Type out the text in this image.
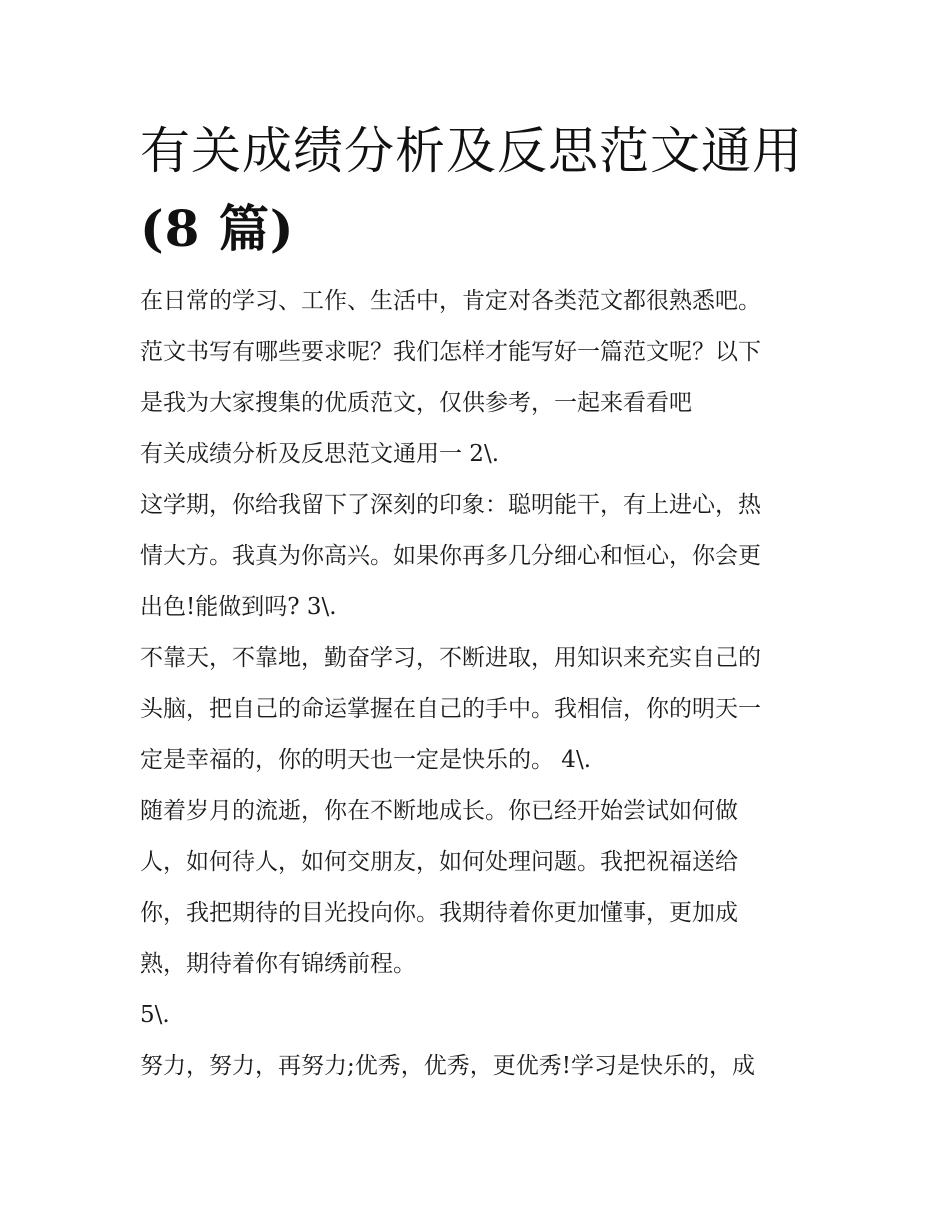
有关成绩分析及反思范文通用
(8 篇)
在日常的学习、工作、生活中，肯定对各类范文都很熟悉吧。
范文书写有哪些要求呢？我们怎样才能写好一篇范文呢？以下
是我为大家搜集的优质范文，仅供参考，一起来看看吧
有关成绩分析及反思范文通用一 2\.
这学期，你给我留下了深刻的印象：聪明能干，有上进心，热
情大方。我真为你高兴。如果你再多几分细心和恒心，你会更
出色!能做到吗? 3\.
不靠天，不靠地，勤奋学习，不断进取，用知识来充实自己的
头脑，把自己的命运掌握在自己的手中。我相信，你的明天一
定是幸福的，你的明天也一定是快乐的。 4\.
随着岁月的流逝，你在不断地成长。你已经开始尝试如何做
人，如何待人，如何交朋友，如何处理问题。我把祝福送给
你，我把期待的目光投向你。我期待着你更加懂事，更加成
熟，期待着你有锦绣前程。
5\.
努力，努力，再努力;优秀，优秀，更优秀!学习是快乐的，成
